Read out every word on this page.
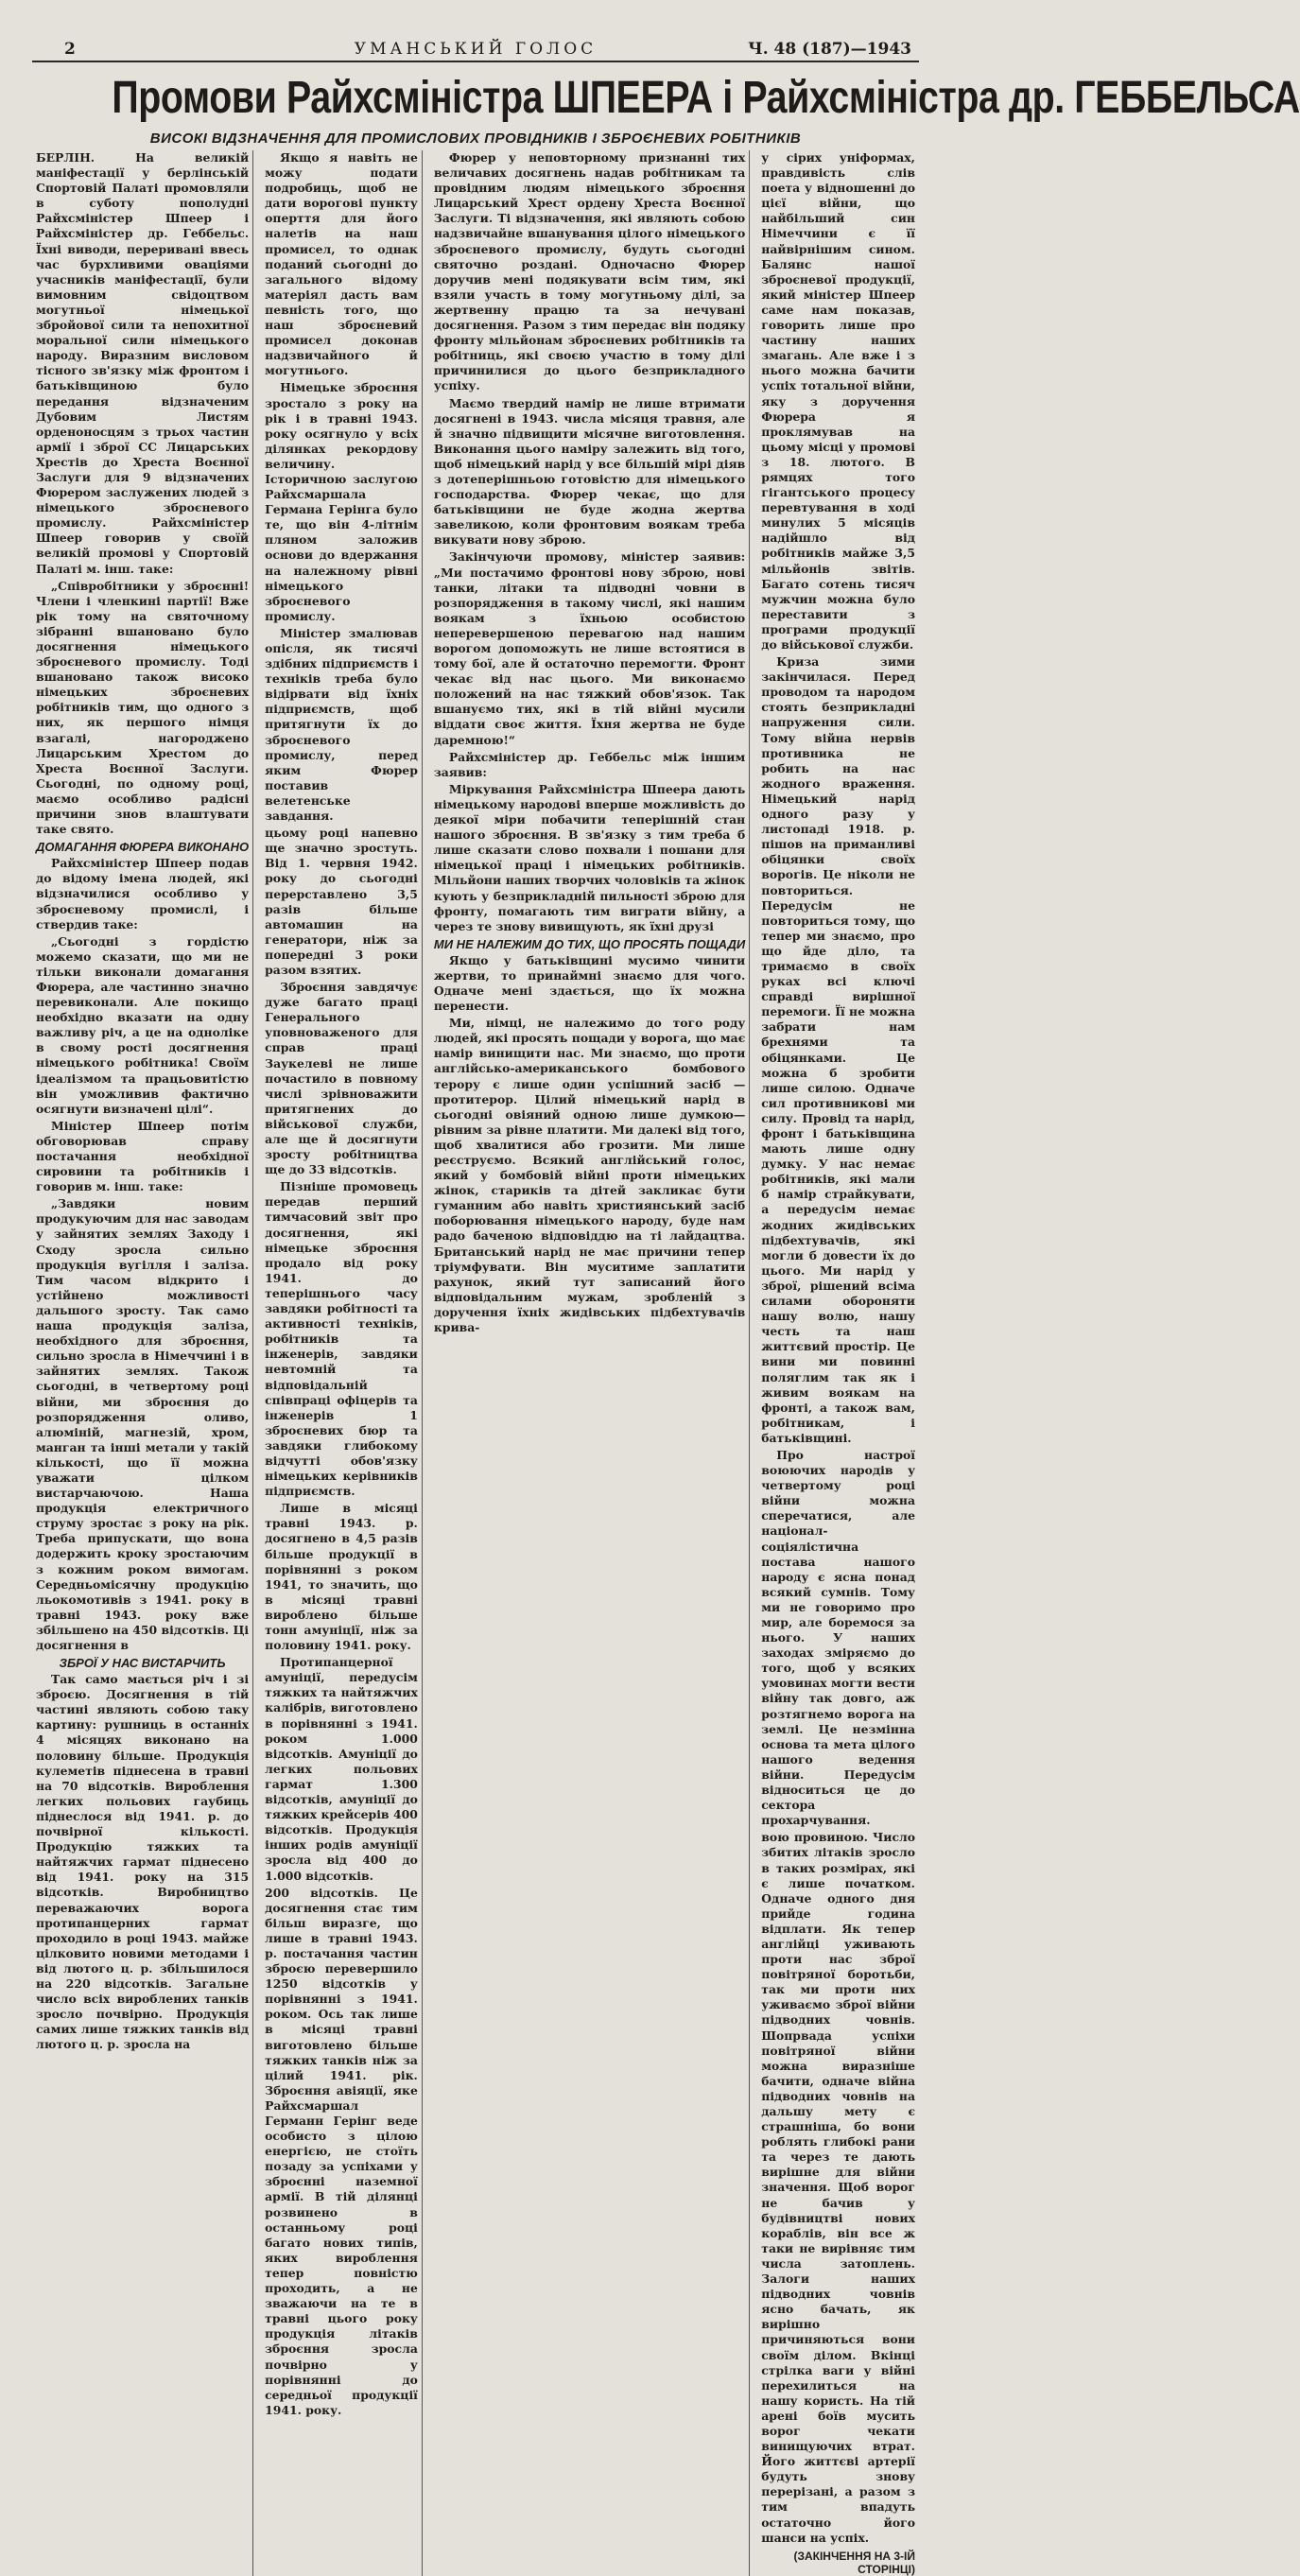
2	УМАНСЬКИЙ ГОЛОС	Ч. 48 (187)—1943
Промови Райхсміністра ШПЕЕРА і Райхсміністра др. ГЕББЕЛЬСА
ВИСОКІ ВІДЗНАЧЕННЯ ДЛЯ ПРОМИСЛОВИХ ПРОВІДНИКІВ І ЗБРОЄНЕВИХ РОБІТНИКІВ

БЕРЛІН. На великій маніфестації у берлінській Спортовій Палаті промовляли в суботу пополудні Райхсміністер Шпеер і Райхсміністер др. Геббельс. Їхні виводи, переривані ввесь час бурхливими оваціями учасників маніфестації, були вимовним свідоцтвом могутньої німецької збройової сили та непохитної моральної сили німецького народу. Виразним висловом тісного зв'язку між фронтом і батьківщиною було передання відзначеним Дубовим Листям орденоносцям з трьох частин армії і зброї СС Лицарських Хрестів до Хреста Воєнної Заслуги для 9 відзначених Фюрером заслужених людей з німецького зброєневого промислу. Райхсміністер Шпеер говорив у своїй великій промові у Спортовій Палаті м. інш. таке:

„Співробітники у зброєнні! Члени і членкині партії! Вже рік тому на святочному зібранні вшановано було досягнення німецького зброєневого промислу. Тоді вшановано також високо німецьких зброєневих робітників тим, що одного з них, як першого німця взагалі, нагороджено Лицарським Хрестом до Хреста Воєнної Заслуги. Сьогодні, по одному році, маємо особливо радісні причини знов влаштувати таке свято.

ДОМАГАННЯ ФЮРЕРА ВИКОНАНО

Райхсміністер Шпеер подав до відому імена людей, які відзначилися особливо у зброєневому промислі, і ствердив таке:

„Сьогодні з гордістю можемо сказати, що ми не тільки виконали домагання Фюрера, але частинно значно перевиконали. Але покищо необхідно вказати на одну важливу річ, а це на одноліке в свому рості досягнення німецького робітника! Своїм ідеалізмом та працьовитістю він уможливив фактично осягнути визначені цілі“.

Міністер Шпеер потім обговорював справу постачання необхідної сировини та робітників і говорив м. інш. таке:

„Завдяки новим продукуючим для нас заводам у зайнятих землях Заходу і Сходу зросла сильно продукція вугілля і заліза. Тим часом відкрито і устійнено можливості дальшого зросту. Так само наша продукція заліза, необхідного для зброєння, сильно зросла в Німеччині і в зайнятих землях. Також сьогодні, в четвертому році війни, ми зброєння до розпорядження оливо, алюміній, магнезій, хром, манган та інші метали у такій кількості, що її можна уважати цілком вистарчаючою. Наша продукція електричного струму зростає з року на рік. Треба припускати, що вона додержить кроку зростаючим з кожним роком вимогам. Середньомісячну продукцію льокомотивів з 1941. року в травні 1943. року вже збільшено на 450 відсотків. Ці досягнення в

ЗБРОЇ У НАС ВИСТАРЧИТЬ

Так само мається річ і зі зброєю. Досягнення в тій частині являють собою таку картину: рушниць в останніх 4 місяцях виконано на половину більше. Продукція кулеметів піднесена в травні на 70 відсотків. Вироблення легких польових гаубиць піднеслося від 1941. р. до почвірної кількості. Продукцію тяжких та найтяжчих гармат піднесено від 1941. року на 315 відсотків. Виробництво переважаючих ворога протипанцерних гармат проходило в році 1943. майже цілковито новими методами і від лютого ц. р. збільшилося на 220 відсотків. Загальне число всіх вироблених танків зросло почвірно. Продукція самих лише тяжких танків від лютого ц. р. зросла на

Якщо я навіть не можу подати подробиць, щоб не дати ворогові пункту оперття для його налетів на наш промисел, то однак поданий сьогодні до загального відому матеріял дасть вам певність того, що наш зброєневий промисел доконав надзвичайного й могутнього.

Німецьке зброєння зростало з року на рік і в травні 1943. року осягнуло у всіх ділянках рекордову величину. Історичною заслугою Райхсмаршала Германа Герінга було те, що він 4-літнім пляном заложив основи до вдержання на належному рівні німецького зброєневого промислу.

Міністер змалював опісля, як тисячі здібних підприємств і техніків треба було відірвати від їхніх підприємств, щоб притягнути їх до зброєневого промислу, перед яким Фюрер поставив велетенське завдання.

цьому році напевно ще значно зростуть. Від 1. червня 1942. року до сьогодні перерставлено 3,5 разів більше автомашин на генератори, ніж за попередні 3 роки разом взятих.

Зброєння завдячує дуже багато праці Генерального уповноваженого для справ праці Заукелеві не лише почастило в повному числі зрівноважити притягнених до військової служби, але ще й досягнути зросту робітництва ще до 33 відсотків.

Пізніше промовець передав перший тимчасовий звіт про досягнення, які німецьке зброєння продало від року 1941. до теперішнього часу завдяки робітності та активності техніків, робітників та інженерів, завдяки невтомній та відповідальній співпраці офіцерів та інженерів 1 зброєневих бюр та завдяки глибокому відчутті обов'язку німецьких керівників підприємств.

Лише в місяці травні 1943. р. досягнено в 4,5 разів більше продукції в порівнянні з роком 1941, то значить, що в місяці травні вироблено більше тонн амуніції, ніж за половину 1941. року.

Протипанцерної амуніції, передусім тяжких та найтяжчих калібрів, виготовлено в порівнянні з 1941. роком 1.000 відсотків. Амуніції до легких польових гармат 1.300 відсотків, амуніції до тяжких крейсерів 400 відсотків. Продукція інших родів амуніції зросла від 400 до 1.000 відсотків.

200 відсотків. Це досягнення стає тим більш виразге, що лише в травні 1943. р. постачання частин зброєю перевершило 1250 відсотків у порівнянні з 1941. роком. Ось так лише в місяці травні виготовлено більше тяжких танків ніж за цілий 1941. рік. Зброєння авіяції, яке Райхсмаршал Германн Герінг веде особисто з цілою енергією, не стоїть позаду за успіхами у зброєнні наземної армії. В тій ділянці розвинено в останньому році багато нових типів, яких вироблення тепер повністю проходить, а не зважаючи на те в травні цього року продукція літаків зброєння зросла почвірно у порівнянні до середньої продукції 1941. року.

Фюрер у неповторному признанні тих величавих досягнень надав робітникам та провідним людям німецького зброєння Лицарський Хрест ордену Хреста Воєнної Заслуги. Ті відзначення, які являють собою надзвичайне вшанування цілого німецького зброєневого промислу, будуть сьогодні святочно роздані. Одночасно Фюрер доручив мені подякувати всім тим, які взяли участь в тому могутньому ділі, за жертвенну працю та за нечувані досягнення. Разом з тим передає він подяку фронту мільйонам зброєневих робітників та робітниць, які своєю участю в тому ділі причинилися до цього безприкладного успіху.

Маємо твердий намір не лише втримати досягнені в 1943. числа місяця травня, але й значно підвищити місячне виготовлення. Виконання цього наміру залежить від того, щоб німецький нарід у все більшій мірі діяв з дотеперішньою готовістю для німецького господарства. Фюрер чекає, що для батьківщини не буде жодна жертва завеликою, коли фронтовим воякам треба викувати нову зброю.

Закінчуючи промову, міністер заявив: „Ми постачимо фронтові нову зброю, нові танки, літаки та підводні човни в розпорядження в такому числі, які нашим воякам з їхньою особистою неперевершеною перевагою над нашим ворогом допоможуть не лише встоятися в тому бої, але й остаточно перемогти. Фронт чекає від нас цього. Ми виконаємо положений на нас тяжкий обов'язок. Так вшануємо тих, які в тій війні мусили віддати своє життя. Їхня жертва не буде даремною!“

Райхсміністер др. Геббельс між іншим заявив:

Міркування Райхсміністра Шпеера дають німецькому народові вперше можливість до деякої міри побачити теперішній стан нашого зброєння. В зв'язку з тим треба б лише сказати слово похвали і пошани для німецької праці і німецьких робітників. Мільйони наших творчих чоловіків та жінок кують у безприкладній пильності зброю для фронту, помагають тим виграти війну, а через те знову вивищують, як їхні друзі

МИ НЕ НАЛЕЖИМ ДО ТИХ, ЩО ПРОСЯТЬ ПОЩАДИ

Якщо у батьківщині мусимо чинити жертви, то принаймні знаємо для чого. Одначе мені здається, що їх можна перенести.

Ми, німці, не належимо до того роду людей, які просять пощади у ворога, що має намір винищити нас. Ми знаємо, що проти англійсько-американського бомбового терору є лише один успішний засіб — протитерор. Цілий німецький нарід в сьогодні овіяний одною лише думкою—рівним за рівне платити. Ми далекі від того, щоб хвалитися або грозити. Ми лише реєструємо. Всякий англійський голос, який у бомбовій війні проти німецьких жінок, стариків та дітей закликає бути гуманним або навіть християнський засіб поборювання німецького народу, буде нам радо баченою відповіддю на ті лайдацтва. Британський нарід не має причини тепер тріумфувати. Він муситиме заплатити рахунок, який тут записаний його відповідальним мужам, зробленій з доручення їхніх жидівських підбехтувачів крива-

у сірих уніформах, правдивість слів поета у відношенні до цієї війни, що найбільший син Німеччини є її найвірнішим сином. Балянс нашої зброєневої продукції, який міністер Шпеер саме нам показав, говорить лише про частину наших змагань. Але вже і з нього можна бачити успіх тотальної війни, яку з доручення Фюрера я проклямував на цьому місці у промові з 18. лютого. В рямцях того гігантського процесу перевтування в ході минулих 5 місяців надійшло від робітників майже 3,5 мільйонів звітів. Багато сотень тисяч мужчин можна було переставити з програми продукції до військової служби.

Криза зими закінчилася. Перед проводом та народом стоять безприкладні напруження сили. Тому війна нервів противника не робить на нас жодного враження. Німецький нарід одного разу у листопаді 1918. р. пішов на приманливі обіцянки своїх ворогів. Це ніколи не повториться. Передусім не повториться тому, що тепер ми знаємо, про що йде діло, та тримаємо в своїх руках всі ключі справді вирішної перемоги. Її не можна забрати нам брехнями та обіцянками. Це можна б зробити лише силою. Одначе сил противникові ми силу. Провід та нарід, фронт і батьківщина мають лише одну думку. У нас немає робітників, які мали б намір страйкувати, а передусім немає жодних жидівських підбехтувачів, які могли б довести їх до цього. Ми нарід у зброї, рішений всіма силами обороняти нашу волю, нашу честь та наш життєвий простір. Це вини ми повинні поляглим так як і живим воякам на фронті, а також вам, робітникам, і батьківщині.

Про настрої воюючих народів у четвертому році війни можна сперечатися, але націонал-соціялістична постава нашого народу є ясна понад всякий сумнів. Тому ми не говоримо про мир, але боремося за нього. У наших заходах зміряємо до того, щоб у всяких умовинах могти вести війну так довго, аж розтягнемо ворога на землі. Це незмінна основа та мета цілого нашого ведення війни. Передусім відноситься це до сектора прохарчування.

вою провиною. Число збитих літаків зросло в таких розмірах, які є лише початком. Одначе одного дня прийде година відплати. Як тепер англійці уживають проти нас зброї повітряної боротьби, так ми проти них уживаємо зброї війни підводних човнів. Шопрвада успіхи повітряної війни можна виразніше бачити, одначе війна підводних човнів на дальшу мету є страшніша, бо вони роблять глибокі рани та через те дають вирішне для війни значення. Щоб ворог не бачив у будівництві нових кораблів, він все ж таки не вирівняє тим числа затоплень. Залоги наших підводних човнів ясно бачать, як вирішно причиняються вони своїм ділом. Вкінці стрілка ваги у війні перехилиться на нашу користь. На тій арені боїв мусить ворог чекати винищуючих втрат. Його життєві артерії будуть знову перерізані, а разом з тим впадуть остаточно його шанси на успіх.

(ЗАКІНЧЕННЯ НА 3-ІЙ СТОРІНЦІ)
